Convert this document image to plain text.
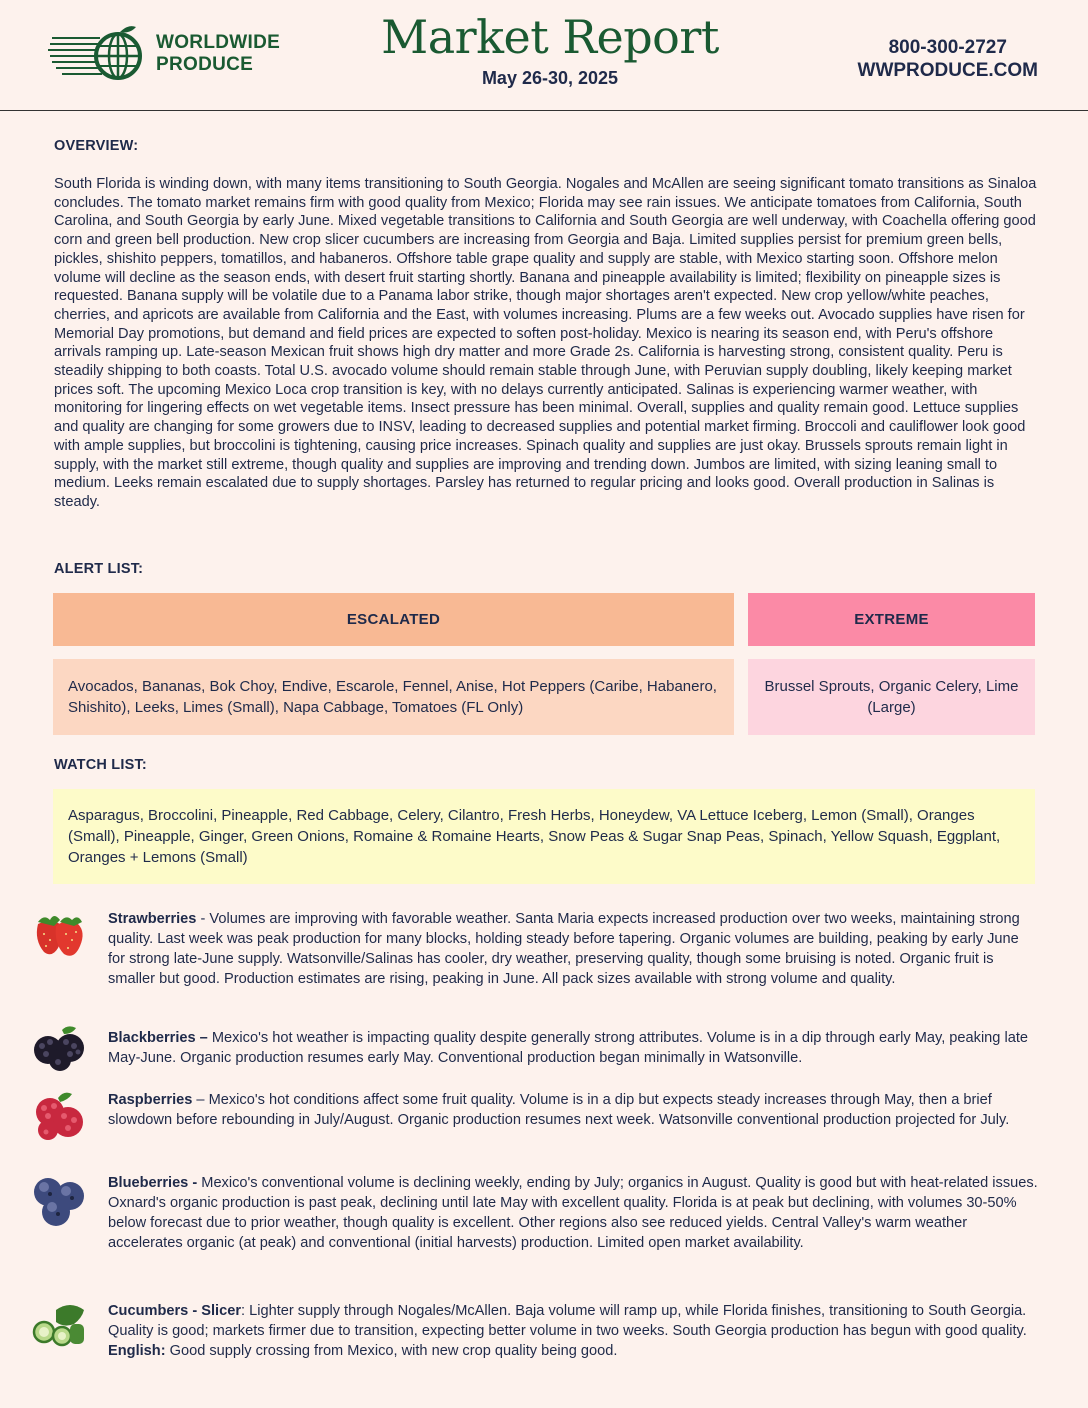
WORLDWIDE
PRODUCE
Market Report
May 26-30, 2025
800-300-2727
WWPRODUCE.COM
OVERVIEW:
South Florida is winding down, with many items transitioning to South Georgia. Nogales and McAllen are seeing significant tomato transitions as Sinaloa concludes. The tomato market remains firm with good quality from Mexico; Florida may see rain issues. We anticipate tomatoes from California, South Carolina, and South Georgia by early June. Mixed vegetable transitions to California and South Georgia are well underway, with Coachella offering good corn and green bell production. New crop slicer cucumbers are increasing from Georgia and Baja. Limited supplies persist for premium green bells, pickles, shishito peppers, tomatillos, and habaneros. Offshore table grape quality and supply are stable, with Mexico starting soon. Offshore melon volume will decline as the season ends, with desert fruit starting shortly. Banana and pineapple availability is limited; flexibility on pineapple sizes is requested. Banana supply will be volatile due to a Panama labor strike, though major shortages aren't expected. New crop yellow/white peaches, cherries, and apricots are available from California and the East, with volumes increasing. Plums are a few weeks out. Avocado supplies have risen for Memorial Day promotions, but demand and field prices are expected to soften post-holiday. Mexico is nearing its season end, with Peru's offshore arrivals ramping up. Late-season Mexican fruit shows high dry matter and more Grade 2s. California is harvesting strong, consistent quality. Peru is steadily shipping to both coasts. Total U.S. avocado volume should remain stable through June, with Peruvian supply doubling, likely keeping market prices soft. The upcoming Mexico Loca crop transition is key, with no delays currently anticipated. Salinas is experiencing warmer weather, with monitoring for lingering effects on wet vegetable items. Insect pressure has been minimal. Overall, supplies and quality remain good. Lettuce supplies and quality are changing for some growers due to INSV, leading to decreased supplies and potential market firming. Broccoli and cauliflower look good with ample supplies, but broccolini is tightening, causing price increases. Spinach quality and supplies are just okay. Brussels sprouts remain light in supply, with the market still extreme, though quality and supplies are improving and trending down. Jumbos are limited, with sizing leaning small to medium. Leeks remain escalated due to supply shortages. Parsley has returned to regular pricing and looks good. Overall production in Salinas is steady.
ALERT LIST:
ESCALATED	EXTREME
Avocados, Bananas, Bok Choy, Endive, Escarole, Fennel, Anise, Hot Peppers (Caribe, Habanero, Shishito), Leeks, Limes (Small), Napa Cabbage, Tomatoes (FL Only)
Brussel Sprouts, Organic Celery, Lime (Large)
WATCH LIST:
Asparagus, Broccolini, Pineapple, Red Cabbage, Celery, Cilantro, Fresh Herbs, Honeydew, VA Lettuce Iceberg, Lemon (Small), Oranges (Small), Pineapple, Ginger, Green Onions, Romaine & Romaine Hearts, Snow Peas & Sugar Snap Peas, Spinach, Yellow Squash, Eggplant, Oranges + Lemons (Small)
Strawberries - Volumes are improving with favorable weather. Santa Maria expects increased production over two weeks, maintaining strong quality. Last week was peak production for many blocks, holding steady before tapering. Organic volumes are building, peaking by early June for strong late-June supply. Watsonville/Salinas has cooler, dry weather, preserving quality, though some bruising is noted. Organic fruit is smaller but good. Production estimates are rising, peaking in June. All pack sizes available with strong volume and quality.
Blackberries – Mexico's hot weather is impacting quality despite generally strong attributes. Volume is in a dip through early May, peaking late May-June. Organic production resumes early May. Conventional production began minimally in Watsonville.
Raspberries – Mexico's hot conditions affect some fruit quality. Volume is in a dip but expects steady increases through May, then a brief slowdown before rebounding in July/August. Organic production resumes next week. Watsonville conventional production projected for July.
Blueberries - Mexico's conventional volume is declining weekly, ending by July; organics in August. Quality is good but with heat-related issues. Oxnard's organic production is past peak, declining until late May with excellent quality. Florida is at peak but declining, with volumes 30-50% below forecast due to prior weather, though quality is excellent. Other regions also see reduced yields. Central Valley's warm weather accelerates organic (at peak) and conventional (initial harvests) production. Limited open market availability.
Cucumbers - Slicer: Lighter supply through Nogales/McAllen. Baja volume will ramp up, while Florida finishes, transitioning to South Georgia. Quality is good; markets firmer due to transition, expecting better volume in two weeks. South Georgia production has begun with good quality. English: Good supply crossing from Mexico, with new crop quality being good.
